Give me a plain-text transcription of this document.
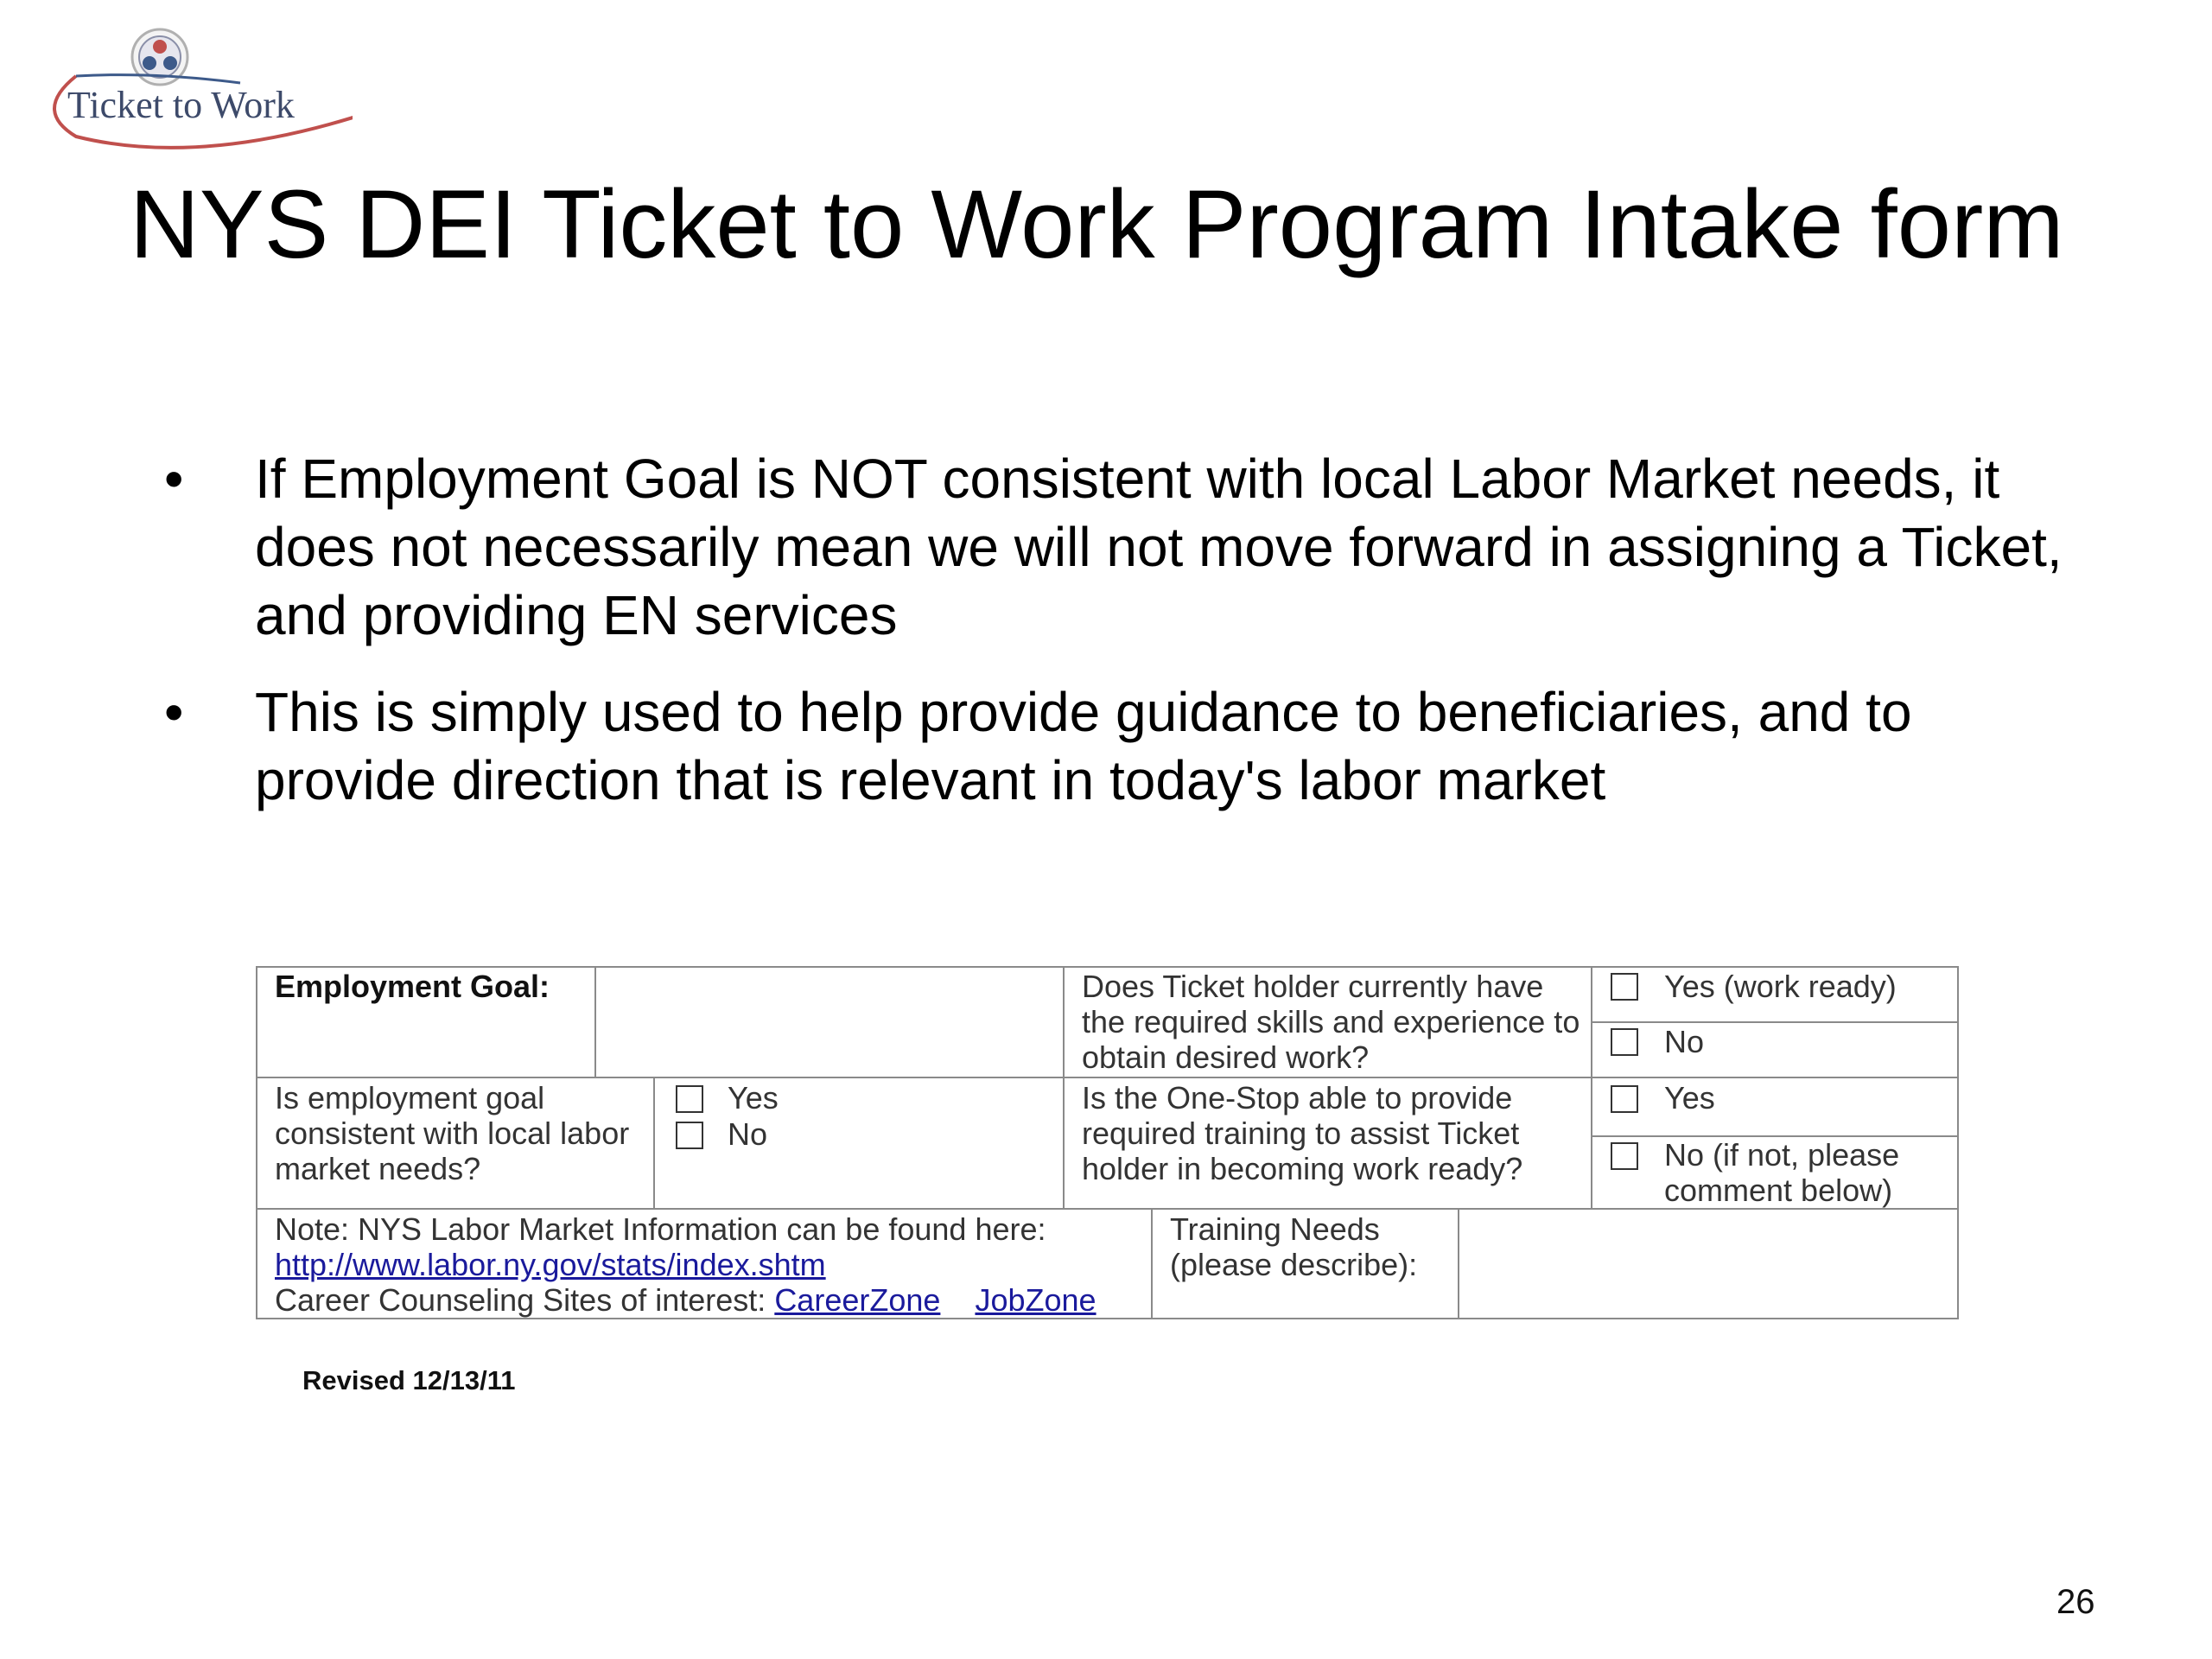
Ticket to Work
NYS DEI Ticket to Work Program Intake form
• If Employment Goal is NOT consistent with local Labor Market needs, it does not necessarily mean we will not move forward in assigning a Ticket, and providing EN services
• This is simply used to help provide guidance to beneficiaries, and to provide direction that is relevant in today's labor market
Employment Goal:	Does Ticket holder currently have the required skills and experience to obtain desired work?
Yes (work ready)
No
Is employment goal consistent with local labor market needs?
Yes
No
Is the One-Stop able to provide required training to assist Ticket holder in becoming work ready?
Yes
No (if not, please comment below)
Note: NYS Labor Market Information can be found here:
http://www.labor.ny.gov/stats/index.shtm
Career Counseling Sites of interest: CareerZone JobZone
Training Needs (please describe):
Revised 12/13/11
26
